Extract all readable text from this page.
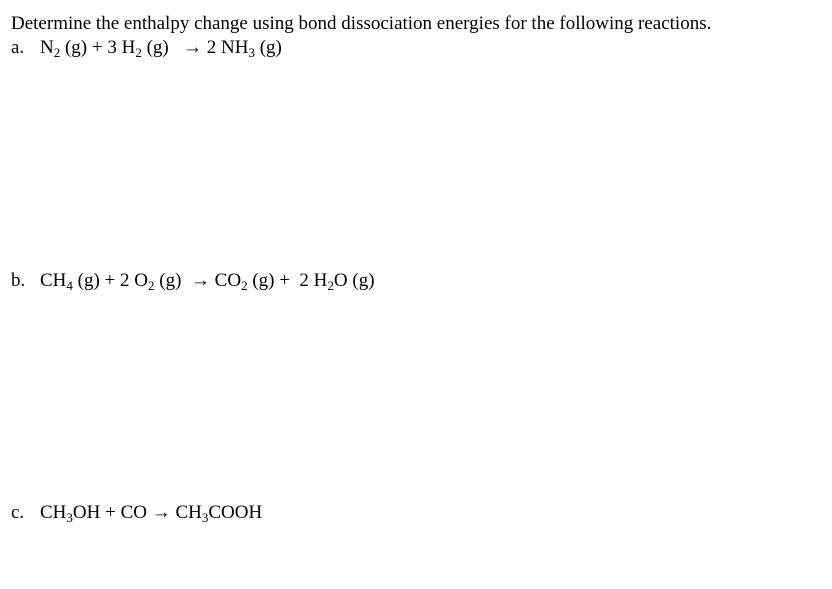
Determine the enthalpy change using bond dissociation energies for the following reactions.
a. $N_2$ (g) + 3 $H_2$ (g)   → 2 $NH_3$ (g)
b. $CH_4$ (g) + 2 $O_2$ $(g) \to CO_2$ (g) +  2 $H_2O$ (g)
c. $CH_3OH$ + CO → $CH_3COOH$
